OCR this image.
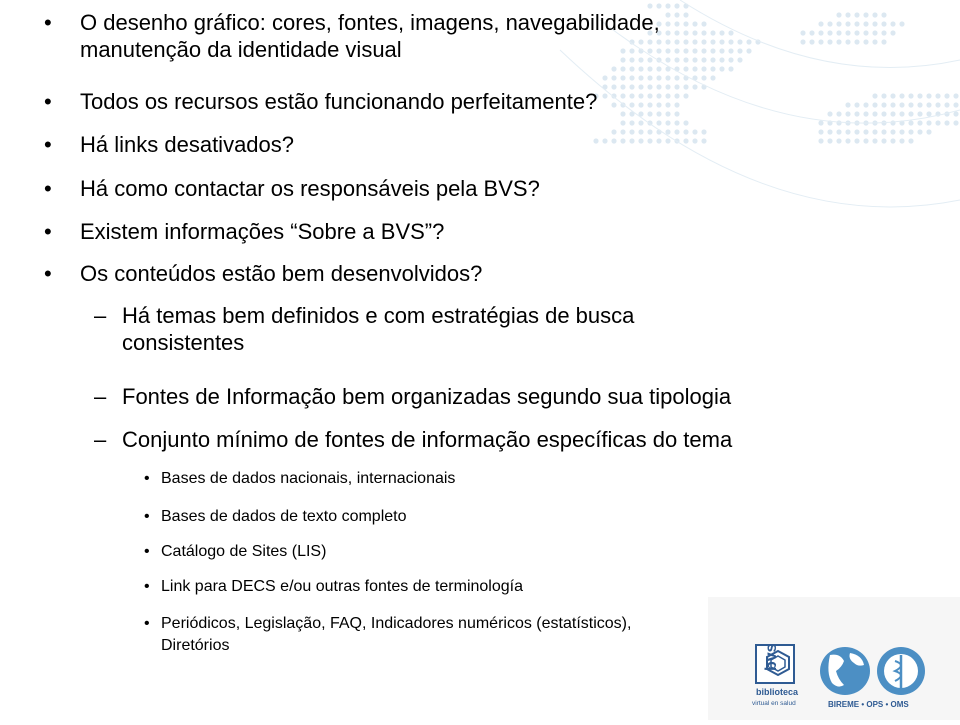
•	O desenho gráfico: cores, fontes, imagens, navegabilidade,
manutenção da identidade visual
•	Todos os recursos estão funcionando perfeitamente?
•	Há links desativados?
•	Há como contactar os responsáveis pela BVS?
•	Existem informações “Sobre a BVS”?
•	Os conteúdos estão bem desenvolvidos?
– Há temas bem definidos e com estratégias de busca
consistentes
– Fontes de Informação bem organizadas segundo sua tipologia
– Conjunto mínimo de fontes de informação específicas do tema
• Bases de dados nacionais, internacionais
• Bases de dados de texto completo
• Catálogo de Sites (LIS)
• Link para DECS e/ou outras fontes de terminología
bvs
biblioteca
virtual en salud	BIREME • OPS • OMS
• Periódicos, Legislação, FAQ, Indicadores numéricos (estatísticos),
Diretórios
